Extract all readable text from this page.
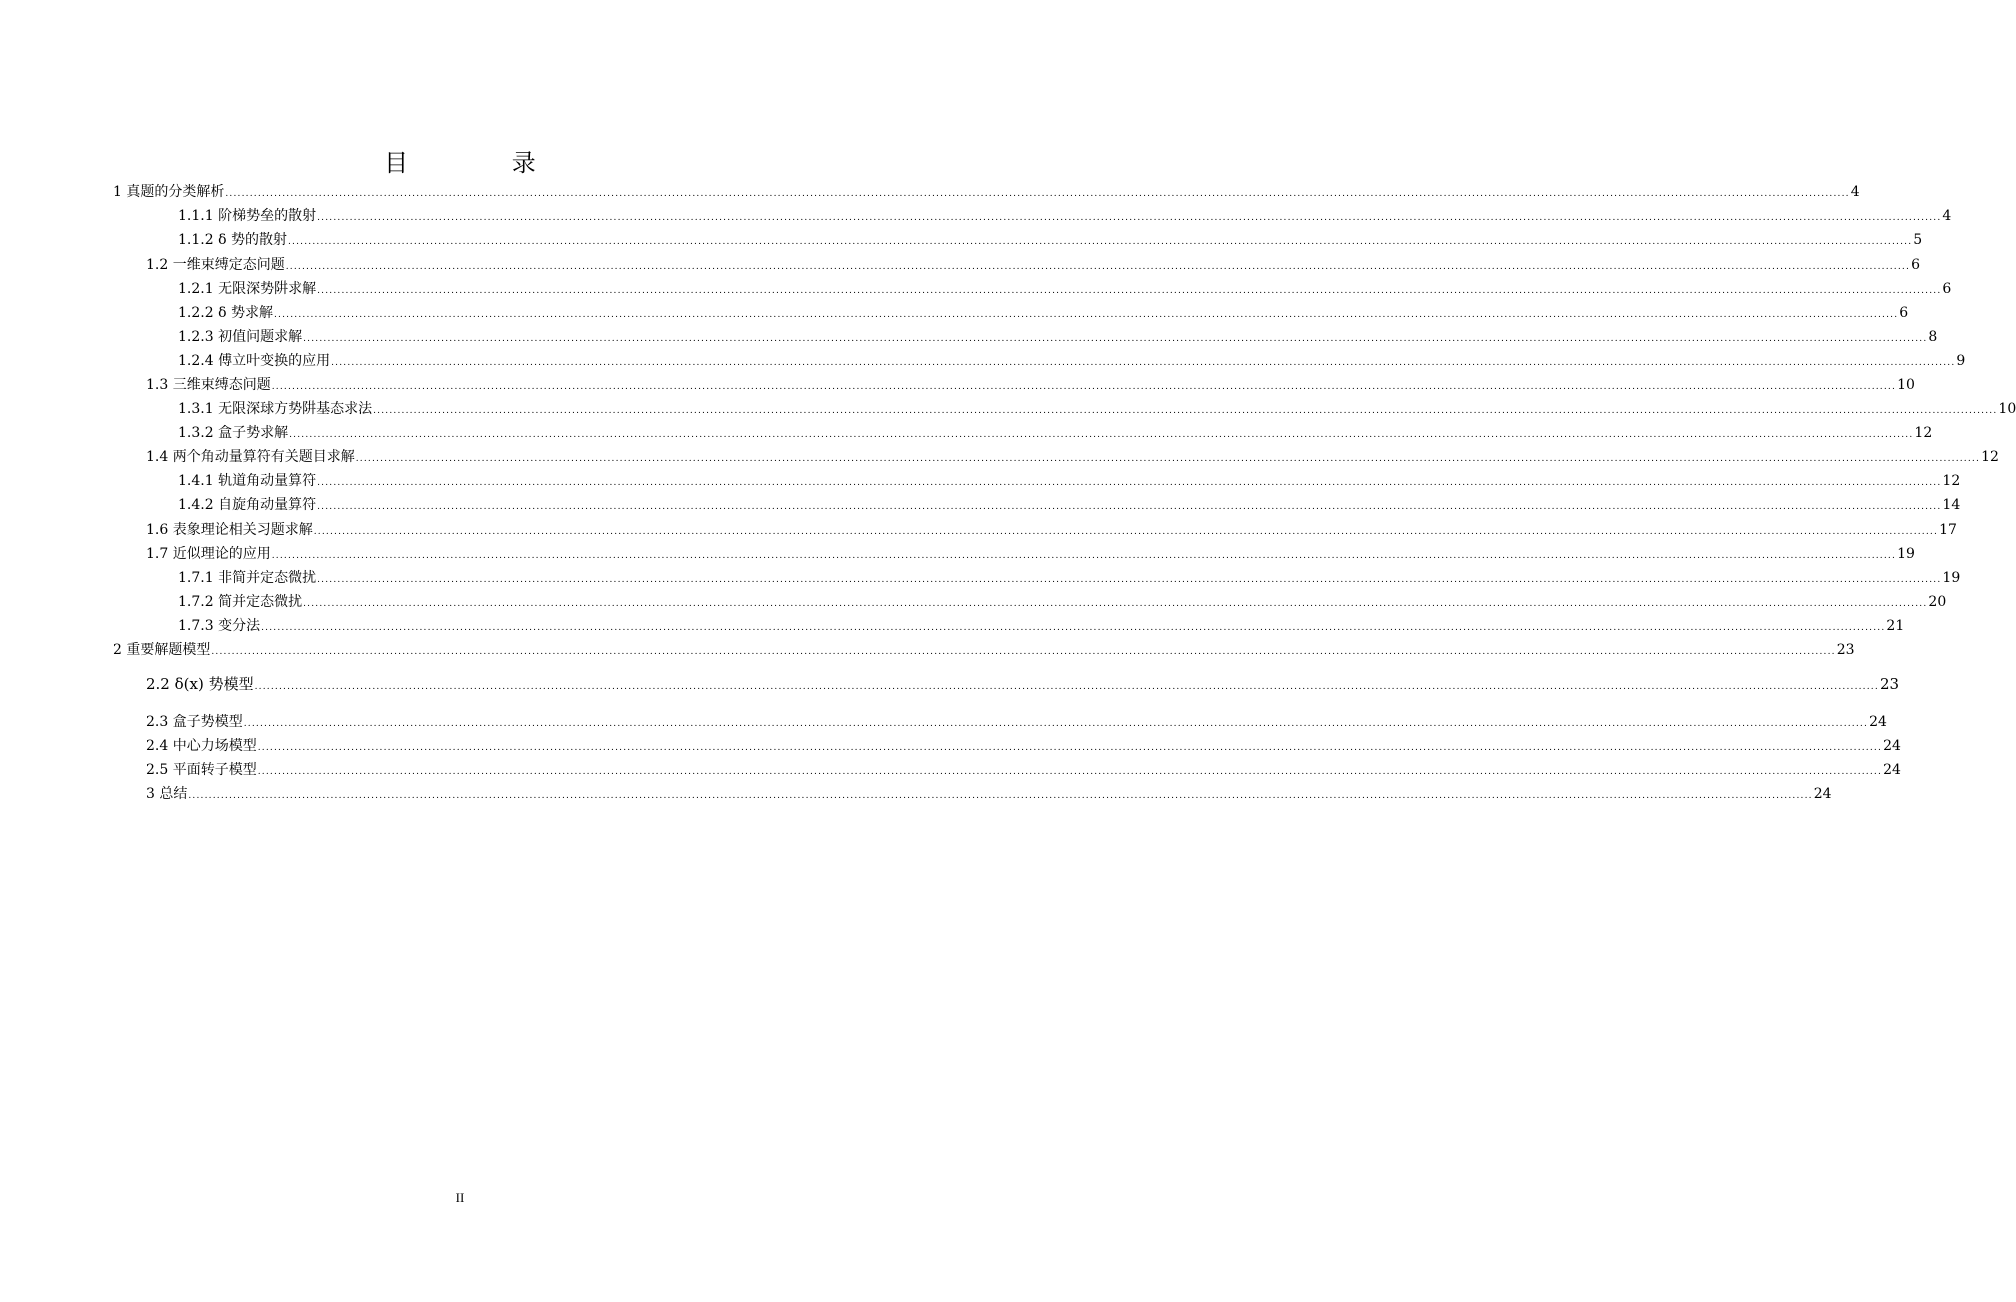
目 录
1 真题的分类解析 ................................................................................................................................................................................................................................................................................................................................................................................................................ 4
1.1.1 阶梯势垒的散射 ................................................................................................................................................................................................................................................................................................................................................................................................................ 4
1.1.2 δ 势的散射 ................................................................................................................................................................................................................................................................................................................................................................................................................ 5
1.2 一维束缚定态问题 ................................................................................................................................................................................................................................................................................................................................................................................................................ 6
1.2.1 无限深势阱求解 ................................................................................................................................................................................................................................................................................................................................................................................................................ 6
1.2.2 δ 势求解 ................................................................................................................................................................................................................................................................................................................................................................................................................ 6
1.2.3 初值问题求解 ................................................................................................................................................................................................................................................................................................................................................................................................................ 8
1.2.4 傅立叶变换的应用 ................................................................................................................................................................................................................................................................................................................................................................................................................ 9
1.3 三维束缚态问题 ................................................................................................................................................................................................................................................................................................................................................................................................................ 10
1.3.1 无限深球方势阱基态求法 ................................................................................................................................................................................................................................................................................................................................................................................................................ 10
1.3.2 盒子势求解 ................................................................................................................................................................................................................................................................................................................................................................................................................ 12
1.4 两个角动量算符有关题目求解 ................................................................................................................................................................................................................................................................................................................................................................................................................ 12
1.4.1 轨道角动量算符 ................................................................................................................................................................................................................................................................................................................................................................................................................ 12
1.4.2 自旋角动量算符 ................................................................................................................................................................................................................................................................................................................................................................................................................ 14
1.6 表象理论相关习题求解 ................................................................................................................................................................................................................................................................................................................................................................................................................ 17
1.7 近似理论的应用 ................................................................................................................................................................................................................................................................................................................................................................................................................ 19
1.7.1 非简并定态微扰 ................................................................................................................................................................................................................................................................................................................................................................................................................ 19
1.7.2 简并定态微扰 ................................................................................................................................................................................................................................................................................................................................................................................................................ 20
1.7.3 变分法 ................................................................................................................................................................................................................................................................................................................................................................................................................ 21
2 重要解题模型 ................................................................................................................................................................................................................................................................................................................................................................................................................ 23
2.2 δ(x) 势模型 ................................................................................................................................................................................................................................................................................................................................................................................................................ 23
2.3 盒子势模型 ................................................................................................................................................................................................................................................................................................................................................................................................................ 24
2.4 中心力场模型 ................................................................................................................................................................................................................................................................................................................................................................................................................ 24
2.5 平面转子模型 ................................................................................................................................................................................................................................................................................................................................................................................................................ 24
3 总结 ................................................................................................................................................................................................................................................................................................................................................................................................................ 24
II
